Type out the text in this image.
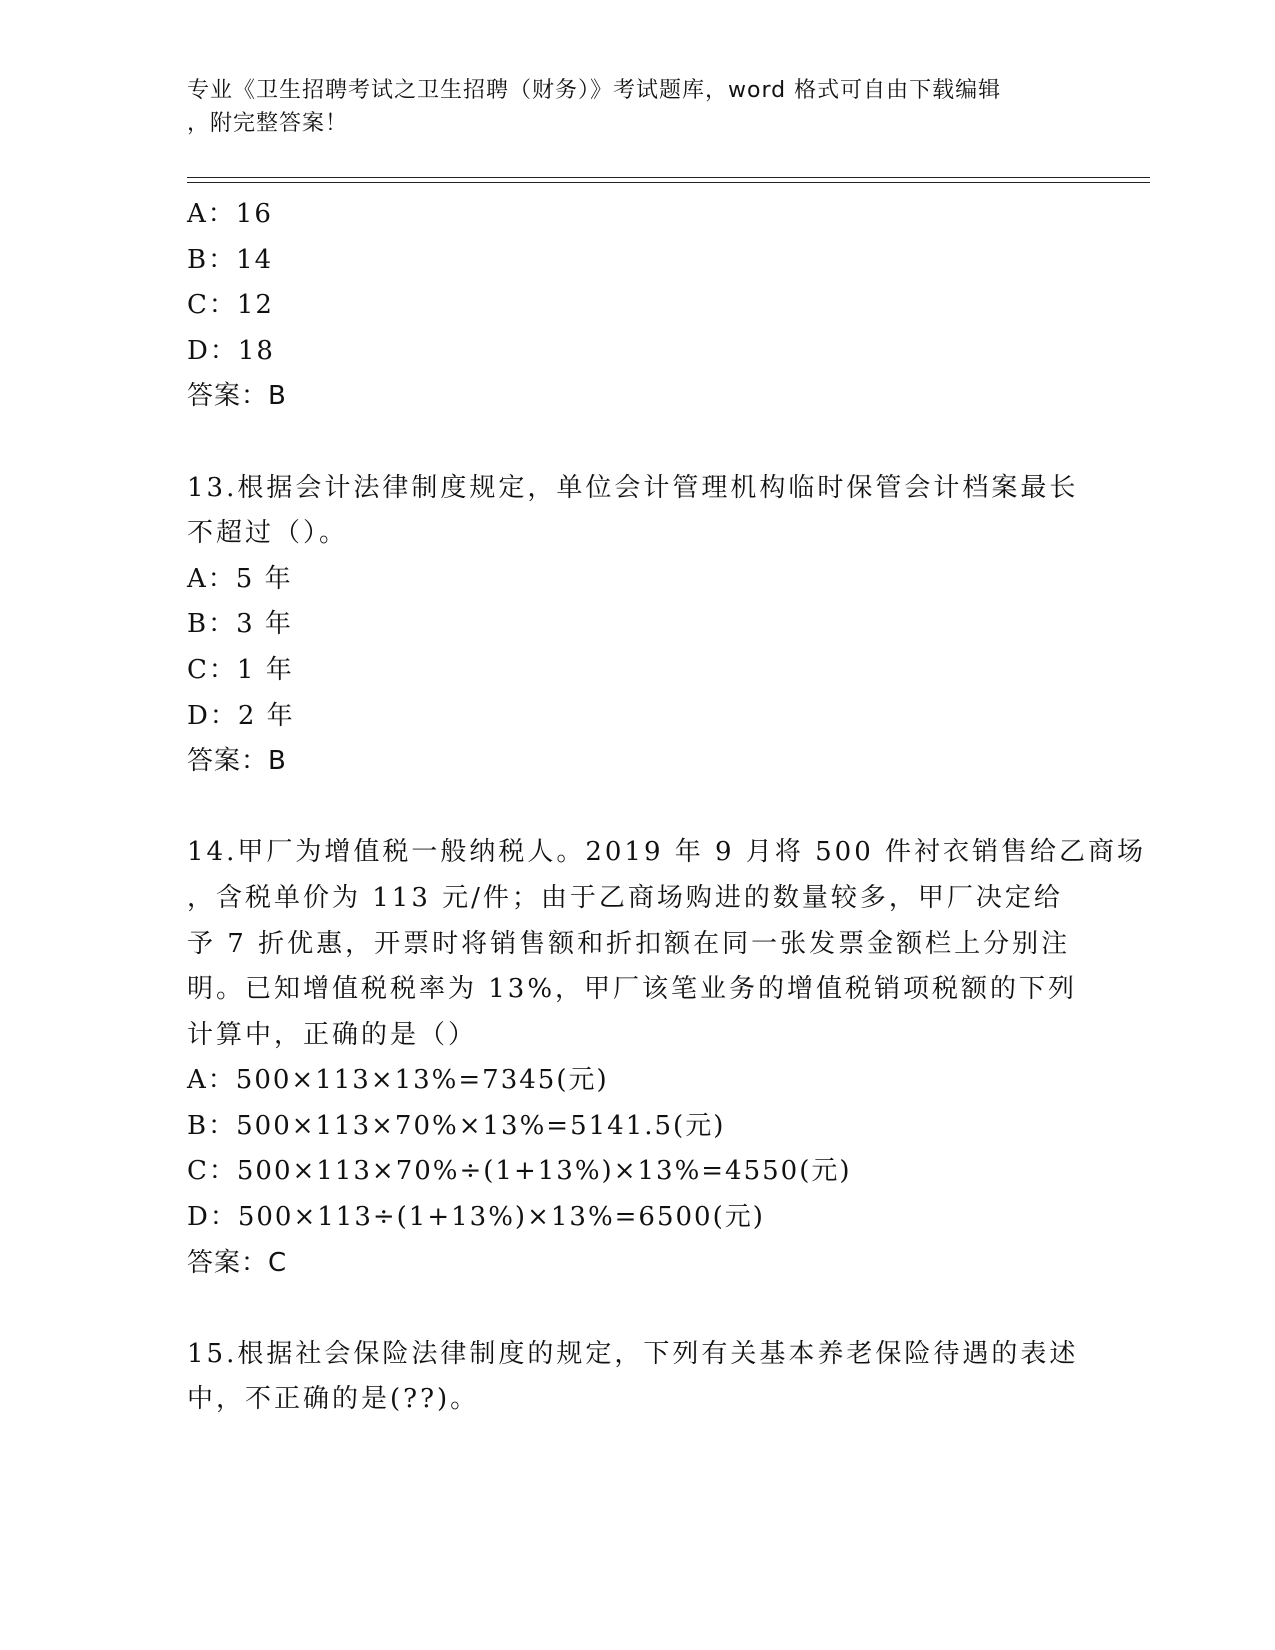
专业《卫生招聘考试之卫生招聘（财务）》考试题库，word 格式可自由下载编辑
，附完整答案！
A：16
B：14
C：12
D：18
答案：B
13.根据会计法律制度规定，单位会计管理机构临时保管会计档案最长
不超过（）。
A：5 年
B：3 年
C：1 年
D：2 年
答案：B
14.甲厂为增值税一般纳税人。2019 年 9 月将 500 件衬衣销售给乙商场
，含税单价为 113 元/件；由于乙商场购进的数量较多，甲厂决定给
予 7 折优惠，开票时将销售额和折扣额在同一张发票金额栏上分别注
明。已知增值税税率为 13%，甲厂该笔业务的增值税销项税额的下列
计算中，正确的是（）
A：500×113×13%=7345(元)
B：500×113×70%×13%=5141.5(元)
C：500×113×70%÷(1+13%)×13%=4550(元)
D：500×113÷(1+13%)×13%=6500(元)
答案：C
15.根据社会保险法律制度的规定，下列有关基本养老保险待遇的表述
中，不正确的是(??)。
